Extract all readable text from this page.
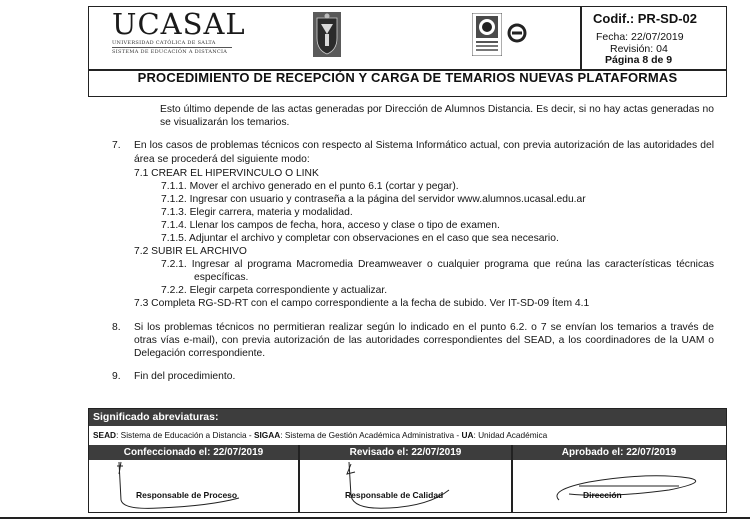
UCASAL
UNIVERSIDAD CATÓLICA DE SALTA
SISTEMA DE EDUCACIÓN A DISTANCIA
Codif.: PR-SD-02
Fecha: 22/07/2019
Revisión: 04
Página 8 de 9
PROCEDIMIENTO DE RECEPCIÓN Y CARGA DE TEMARIOS NUEVAS PLATAFORMAS
Esto último depende de las actas generadas por Dirección de Alumnos Distancia. Es decir, si no hay actas generadas no
se visualizarán los temarios.
7. En los casos de problemas técnicos con respecto al Sistema Informático actual, con previa autorización de las autoridades del
área se procederá del siguiente modo:
7.1 CREAR EL HIPERVINCULO O LINK
7.1.1. Mover el archivo generado en el punto 6.1 (cortar y pegar).
7.1.2. Ingresar con usuario y contraseña a la página del servidor www.alumnos.ucasal.edu.ar
7.1.3. Elegir carrera, materia y modalidad.
7.1.4. Llenar los campos de fecha, hora, acceso y clase o tipo de examen.
7.1.5. Adjuntar el archivo y completar con observaciones en el caso que sea necesario.
7.2 SUBIR EL ARCHIVO
7.2.1. Ingresar al programa Macromedia Dreamweaver o cualquier programa que reúna las características técnicas
específicas.
7.2.2. Elegir carpeta correspondiente y actualizar.
7.3 Completa RG-SD-RT con el campo correspondiente a la fecha de subido. Ver IT-SD-09 Ítem 4.1
8. Si los problemas técnicos no permitieran realizar según lo indicado en el punto 6.2. o 7 se envían los temarios a través de
otras vías e-mail), con previa autorización de las autoridades correspondientes del SEAD, a los coordinadores de la UAM o
Delegación correspondiente.
9. Fin del procedimiento.
Significado abreviaturas:
SEAD: Sistema de Educación a Distancia - SIGAA: Sistema de Gestión Académica Administrativa - UA: Unidad Académica
Confeccionado el: 22/07/2019	Revisado el: 22/07/2019	Aprobado el: 22/07/2019
Responsable de Proceso	Responsable de Calidad	Dirección
